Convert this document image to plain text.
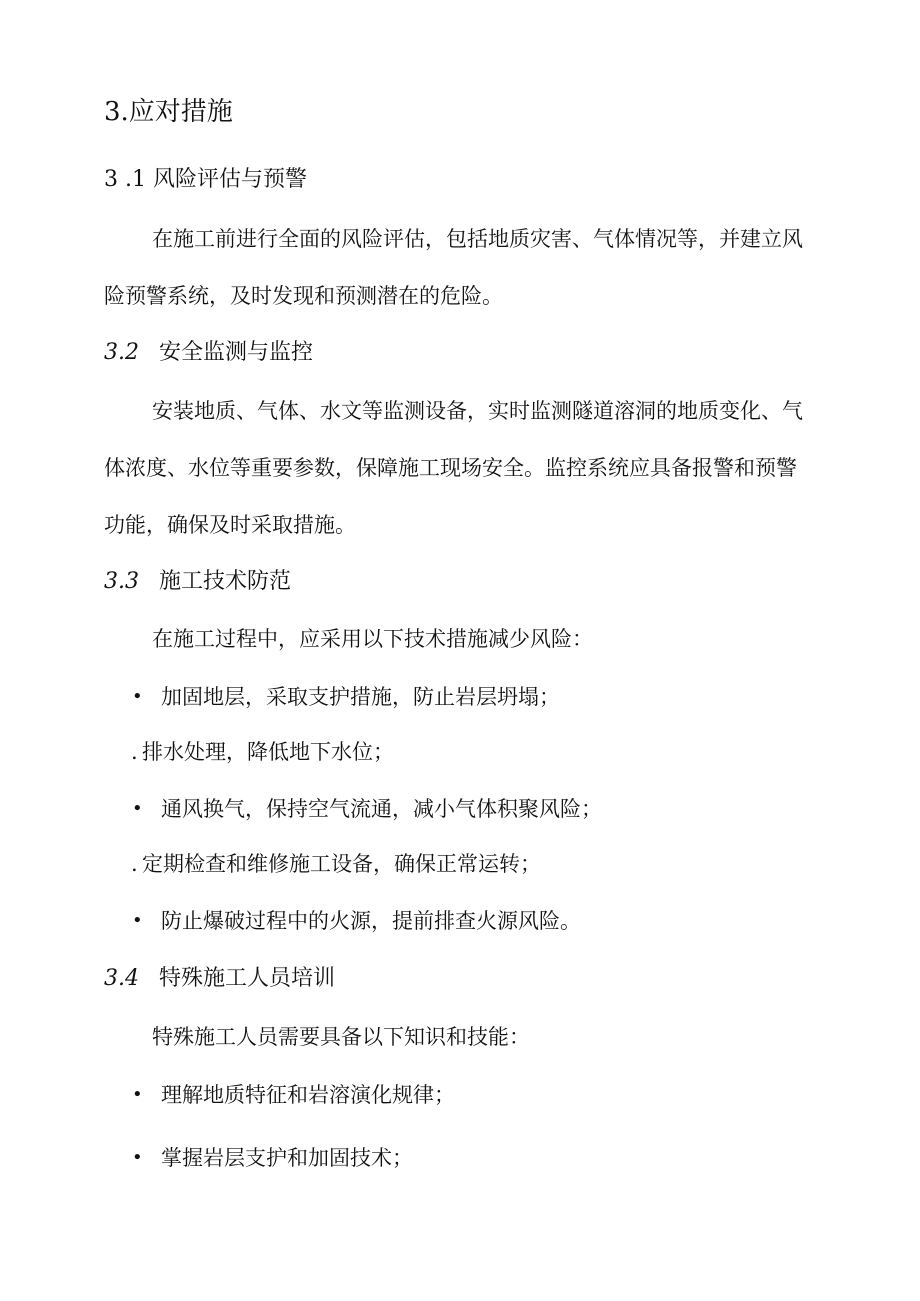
3.应对措施
3 .1 风险评估与预警
在施工前进行全面的风险评估，包括地质灾害、气体情况等，并建立风
险预警系统，及时发现和预测潜在的危险。
3.2 安全监测与监控
安装地质、气体、水文等监测设备，实时监测隧道溶洞的地质变化、气
体浓度、水位等重要参数，保障施工现场安全。监控系统应具备报警和预警
功能，确保及时采取措施。
3.3 施工技术防范
在施工过程中，应采用以下技术措施减少风险：
• 加固地层，采取支护措施，防止岩层坍塌；
. 排水处理，降低地下水位；
• 通风换气，保持空气流通，减小气体积聚风险；
. 定期检查和维修施工设备，确保正常运转；
• 防止爆破过程中的火源，提前排查火源风险。
3.4 特殊施工人员培训
特殊施工人员需要具备以下知识和技能：
• 理解地质特征和岩溶演化规律；
• 掌握岩层支护和加固技术；
